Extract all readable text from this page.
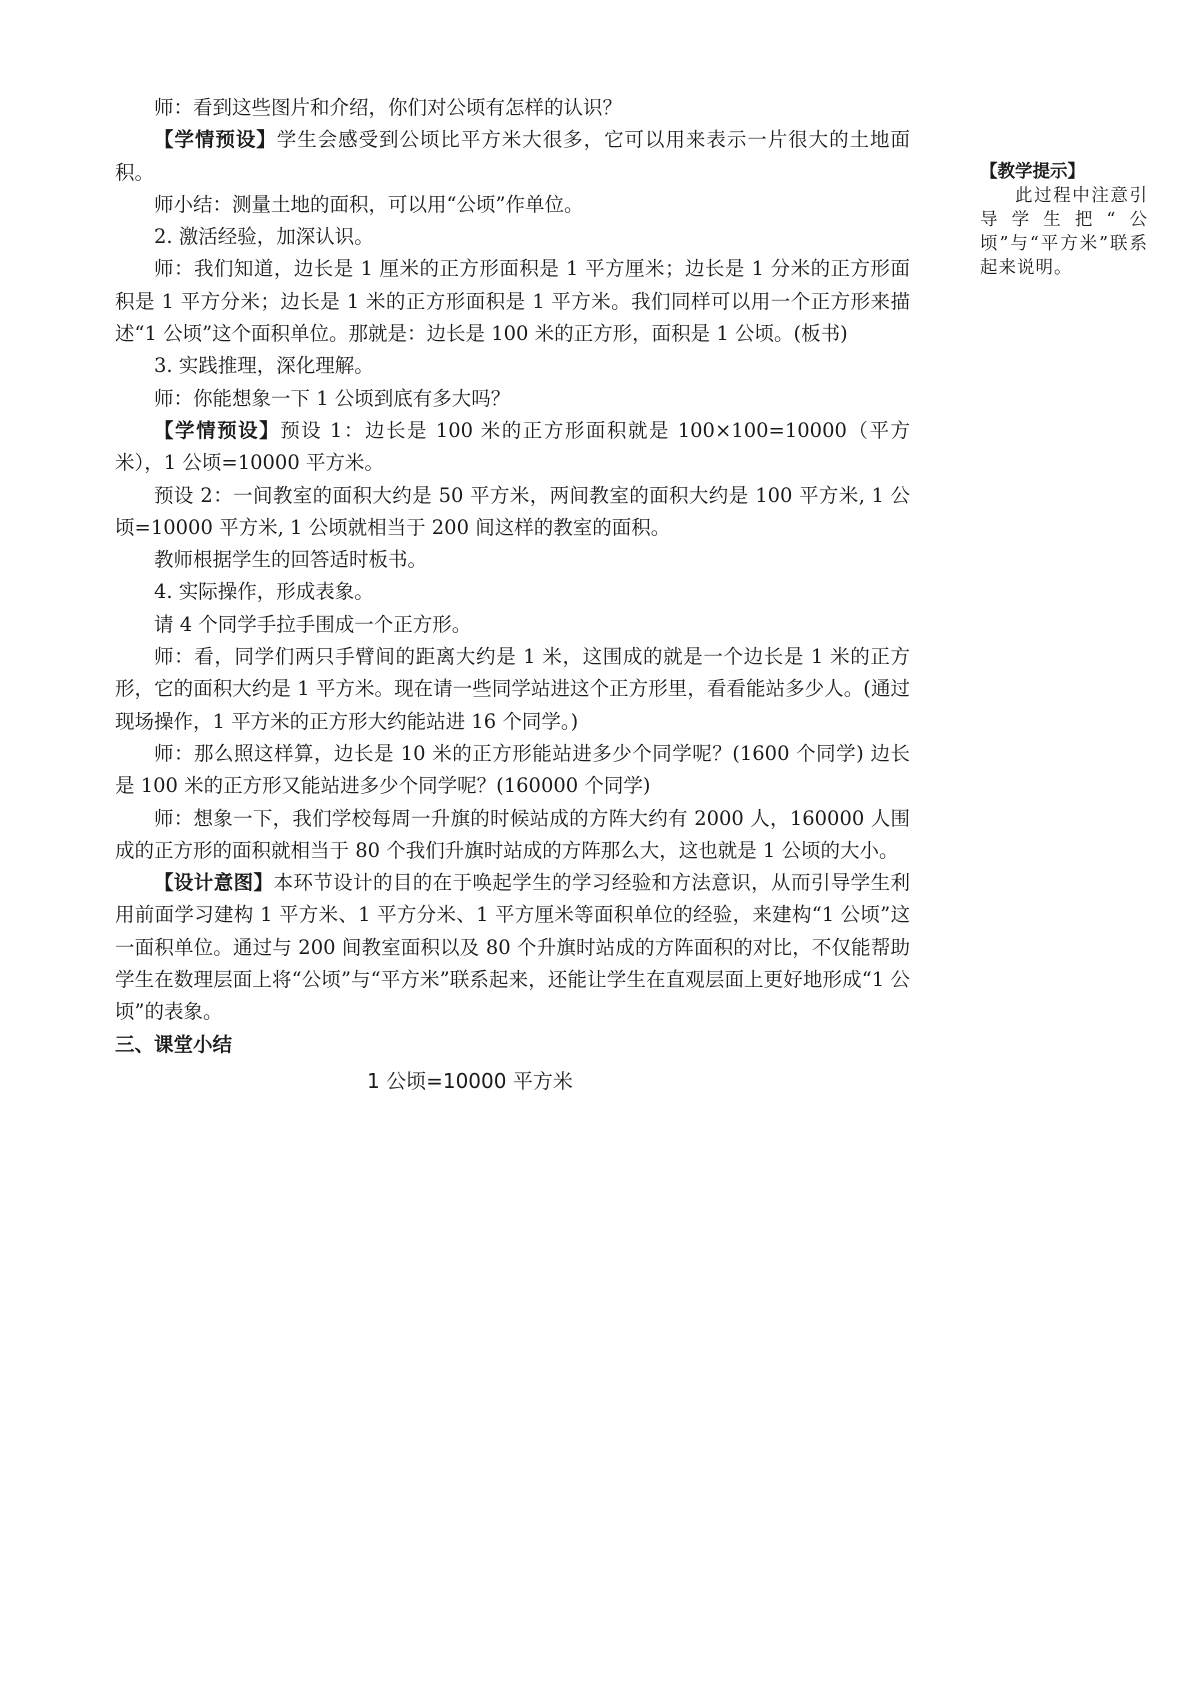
师：看到这些图片和介绍，你们对公顷有怎样的认识？

【学情预设】学生会感受到公顷比平方米大很多，它可以用来表示一片很大的土地面积。

师小结：测量土地的面积，可以用“公顷”作单位。

2. 激活经验，加深认识。

师：我们知道，边长是 1 厘米的正方形面积是 1 平方厘米；边长是 1 分米的正方形面积是 1 平方分米；边长是 1 米的正方形面积是 1 平方米。我们同样可以用一个正方形来描述“1 公顷”这个面积单位。那就是：边长是 100 米的正方形，面积是 1 公顷。(板书)

3. 实践推理，深化理解。

师：你能想象一下 1 公顷到底有多大吗？

【学情预设】预设 1：边长是 100 米的正方形面积就是 100×100=10000（平方米），1 公顷=10000 平方米。

预设 2：一间教室的面积大约是 50 平方米，两间教室的面积大约是 100 平方米, 1 公顷=10000 平方米, 1 公顷就相当于 200 间这样的教室的面积。

教师根据学生的回答适时板书。

4. 实际操作，形成表象。

请 4 个同学手拉手围成一个正方形。

师：看，同学们两只手臂间的距离大约是 1 米，这围成的就是一个边长是 1 米的正方形，它的面积大约是 1 平方米。现在请一些同学站进这个正方形里，看看能站多少人。(通过现场操作，1 平方米的正方形大约能站进 16 个同学。)

师：那么照这样算，边长是 10 米的正方形能站进多少个同学呢？(1600 个同学) 边长是 100 米的正方形又能站进多少个同学呢？(160000 个同学)

师：想象一下，我们学校每周一升旗的时候站成的方阵大约有 2000 人，160000 人围成的正方形的面积就相当于 80 个我们升旗时站成的方阵那么大，这也就是 1 公顷的大小。

【设计意图】本环节设计的目的在于唤起学生的学习经验和方法意识，从而引导学生利用前面学习建构 1 平方米、1 平方分米、1 平方厘米等面积单位的经验，来建构“1 公顷”这一面积单位。通过与 200 间教室面积以及 80 个升旗时站成的方阵面积的对比，不仅能帮助学生在数理层面上将“公顷”与“平方米”联系起来，还能让学生在直观层面上更好地形成“1 公顷”的表象。

三、课堂小结

1 公顷=10000 平方米

【教学提示】

此过程中注意引导学生把“公顷”与“平方米”联系起来说明。
